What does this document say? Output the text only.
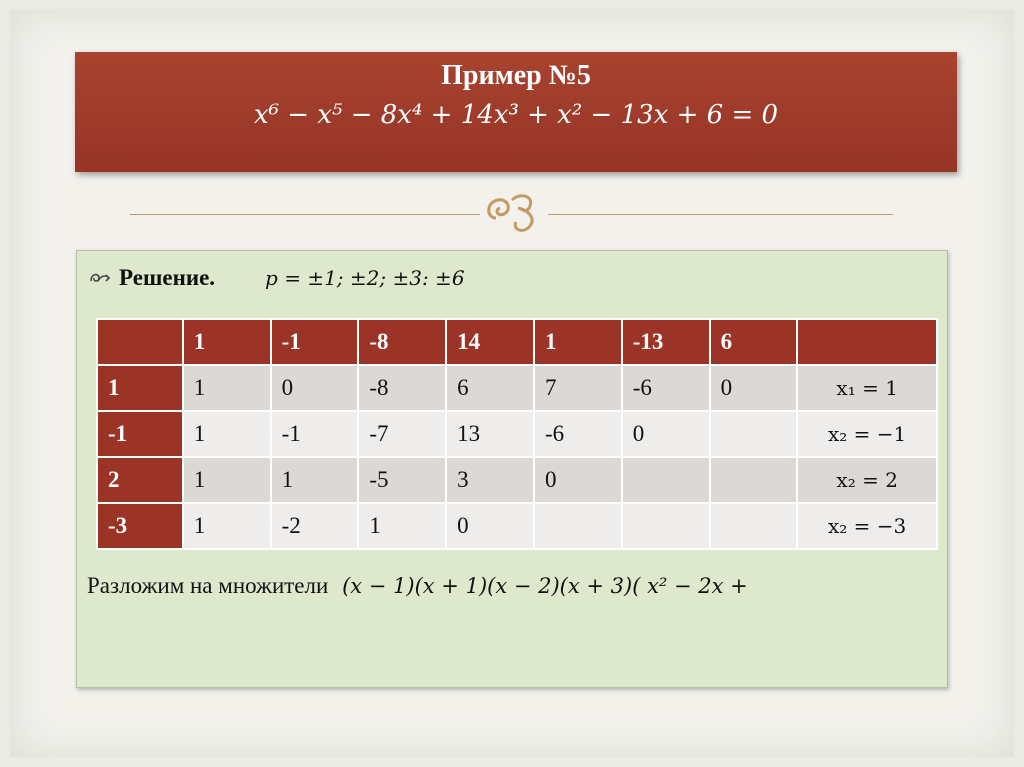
Пример №5
x⁶ − x⁵ − 8x⁴ + 14x³ + x² − 13x + 6 = 0
Решение.	p = ±1; ±2; ±3: ±6
	1	-1	-8	14	1	-13	6	
1	1	0	-8	6	7	-6	0	x₁ = 1
-1	1	-1	-7	13	-6	0		x₂ = −1
2	1	1	-5	3	0			x₂ = 2
-3	1	-2	1	0				x₂ = −3
Разложим на множители (x − 1)(x + 1)(x − 2)(x + 3)( x² − 2x +
